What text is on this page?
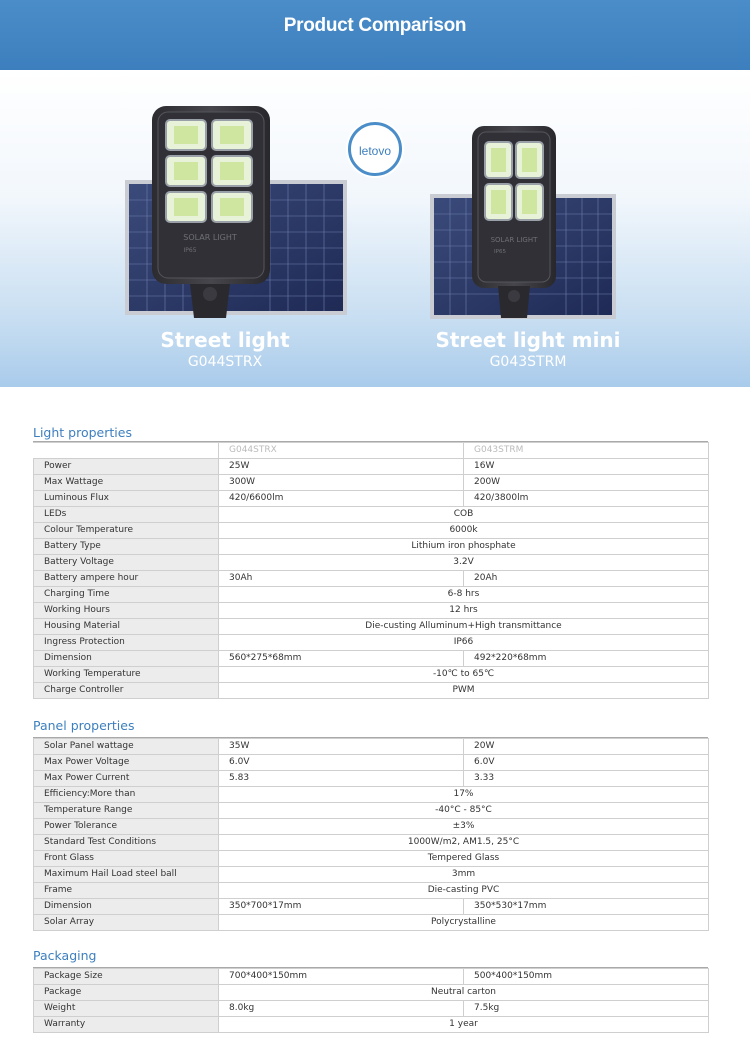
Product Comparison
SOLAR LIGHT
IP65
SOLAR LIGHT
IP65
letovo
Street light
G044STRX
Street light mini
G043STRM
Light properties
	G044STRX	G043STRM
Power	25W	16W
Max Wattage	300W	200W
Luminous Flux	420/6600lm	420/3800lm
LEDs	COB	
Colour Temperature	6000k	
Battery Type	Lithium iron phosphate	
Battery Voltage	3.2V	
Battery ampere hour	30Ah	20Ah
Charging Time	6-8 hrs	
Working Hours	12 hrs	
Housing Material	Die-custing Alluminum+High transmittance	
Ingress Protection	IP66	
Dimension	560*275*68mm	492*220*68mm
Working Temperature	-10℃ to 65℃	
Charge Controller	PWM	
Panel properties
Solar Panel wattage	35W	20W
Max Power Voltage	6.0V	6.0V
Max Power Current	5.83	3.33
Efficiency:More than	17%	
Temperature Range	-40°C - 85°C	
Power Tolerance	±3%	
Standard Test Conditions	1000W/m2, AM1.5, 25°C	
Front Glass	Tempered Glass	
Maximum Hail Load steel ball	3mm	
Frame	Die-casting PVC	
Dimension	350*700*17mm	350*530*17mm
Solar Array	Polycrystalline	
Packaging
Package Size	700*400*150mm	500*400*150mm
Package	Neutral carton	
Weight	8.0kg	7.5kg
Warranty	1 year	
